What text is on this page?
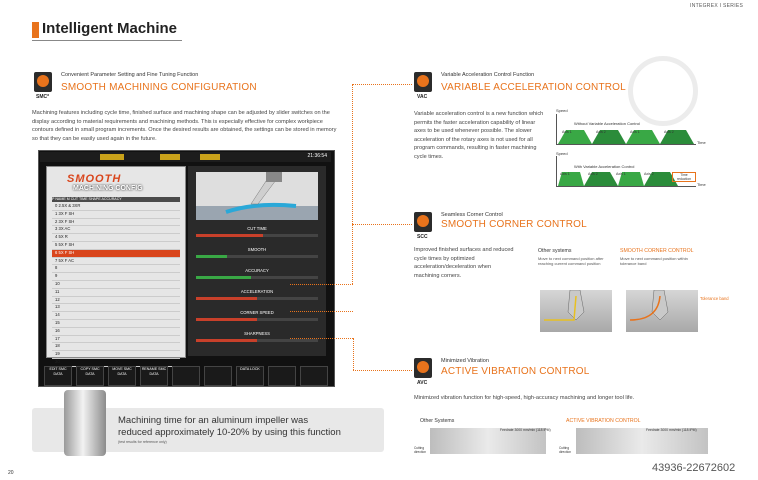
INTEGREX I SERIES
Intelligent Machine
SMC*
Convenient Parameter Setting and Fine Tuning Function
SMOOTH MACHINING CONFIGURATION
Machining features including cycle time, finished surface and machining shape can be adjusted by slider switches on the display according to material requirements and machining methods. This is especially effective for complex workpiece contours defined in small program increments. Once the desired results are obtained, the settings can be stored in memory so that they can be easily used again in the future.
21:36:54
SMOOTH
MACHINING CONFIG
P NAME M CUT TIME SHAPE ACCURACY
0 2.5X & 3XR
1 3X F SH
2 3X F SH
3 3X AC
4 5X R
5 5X F SH
6 5X F SH
7 5X F AC
8
9
10
11
12
13
14
15
16
17
18
19
20
CUT TIME
SMOOTH
ACCURACY
ACCELERATION
CORNER SPEED
SHARPNESS
EDIT SMC DATA
COPY SMC DATA
MOVE SMC DATA
RENAME SMC DATA
DATA LOCK
Machining time for an aluminum impeller was
reduced approximately 10-20% by using this function
(test results for reference only)
VAC
Variable Acceleration Control Function
VARIABLE ACCELERATION CONTROL
Variable acceleration control is a new function which permits the faster acceleration capability of linear axes to be used whenever possible. The slower acceleration of the rotary axes is not used for all program commands, resulting in faster machining cycle times.
Speed
Without Variable Acceleration Control
Time
Axis 1	Axis 2	Axis 1	Axis 2
Speed
With Variable Acceleration Control
Time
Axis 1	Axis 2	Axis 1	Axis 2	Time reduction
SCC
Seamless Corner Control
SMOOTH CORNER CONTROL
Improved finished surfaces and reduced cycle times by optimized acceleration/deceleration when machining corners.
Other systems
Move to next command position after reaching current command position
SMOOTH CORNER CONTROL
Move to next command position within tolerance band
Tolerance band
AVC
Minimized Vibration
ACTIVE VIBRATION CONTROL
Minimized vibration function for high-speed, high-accuracy machining and longer tool life.
Other Systems	ACTIVE VIBRATION CONTROL
Feedrate 3000 mm/min (118 IPM)	Feedrate 3000 mm/min (118 IPM)
Cutting direction
Cutting direction
20	43936-22672602
